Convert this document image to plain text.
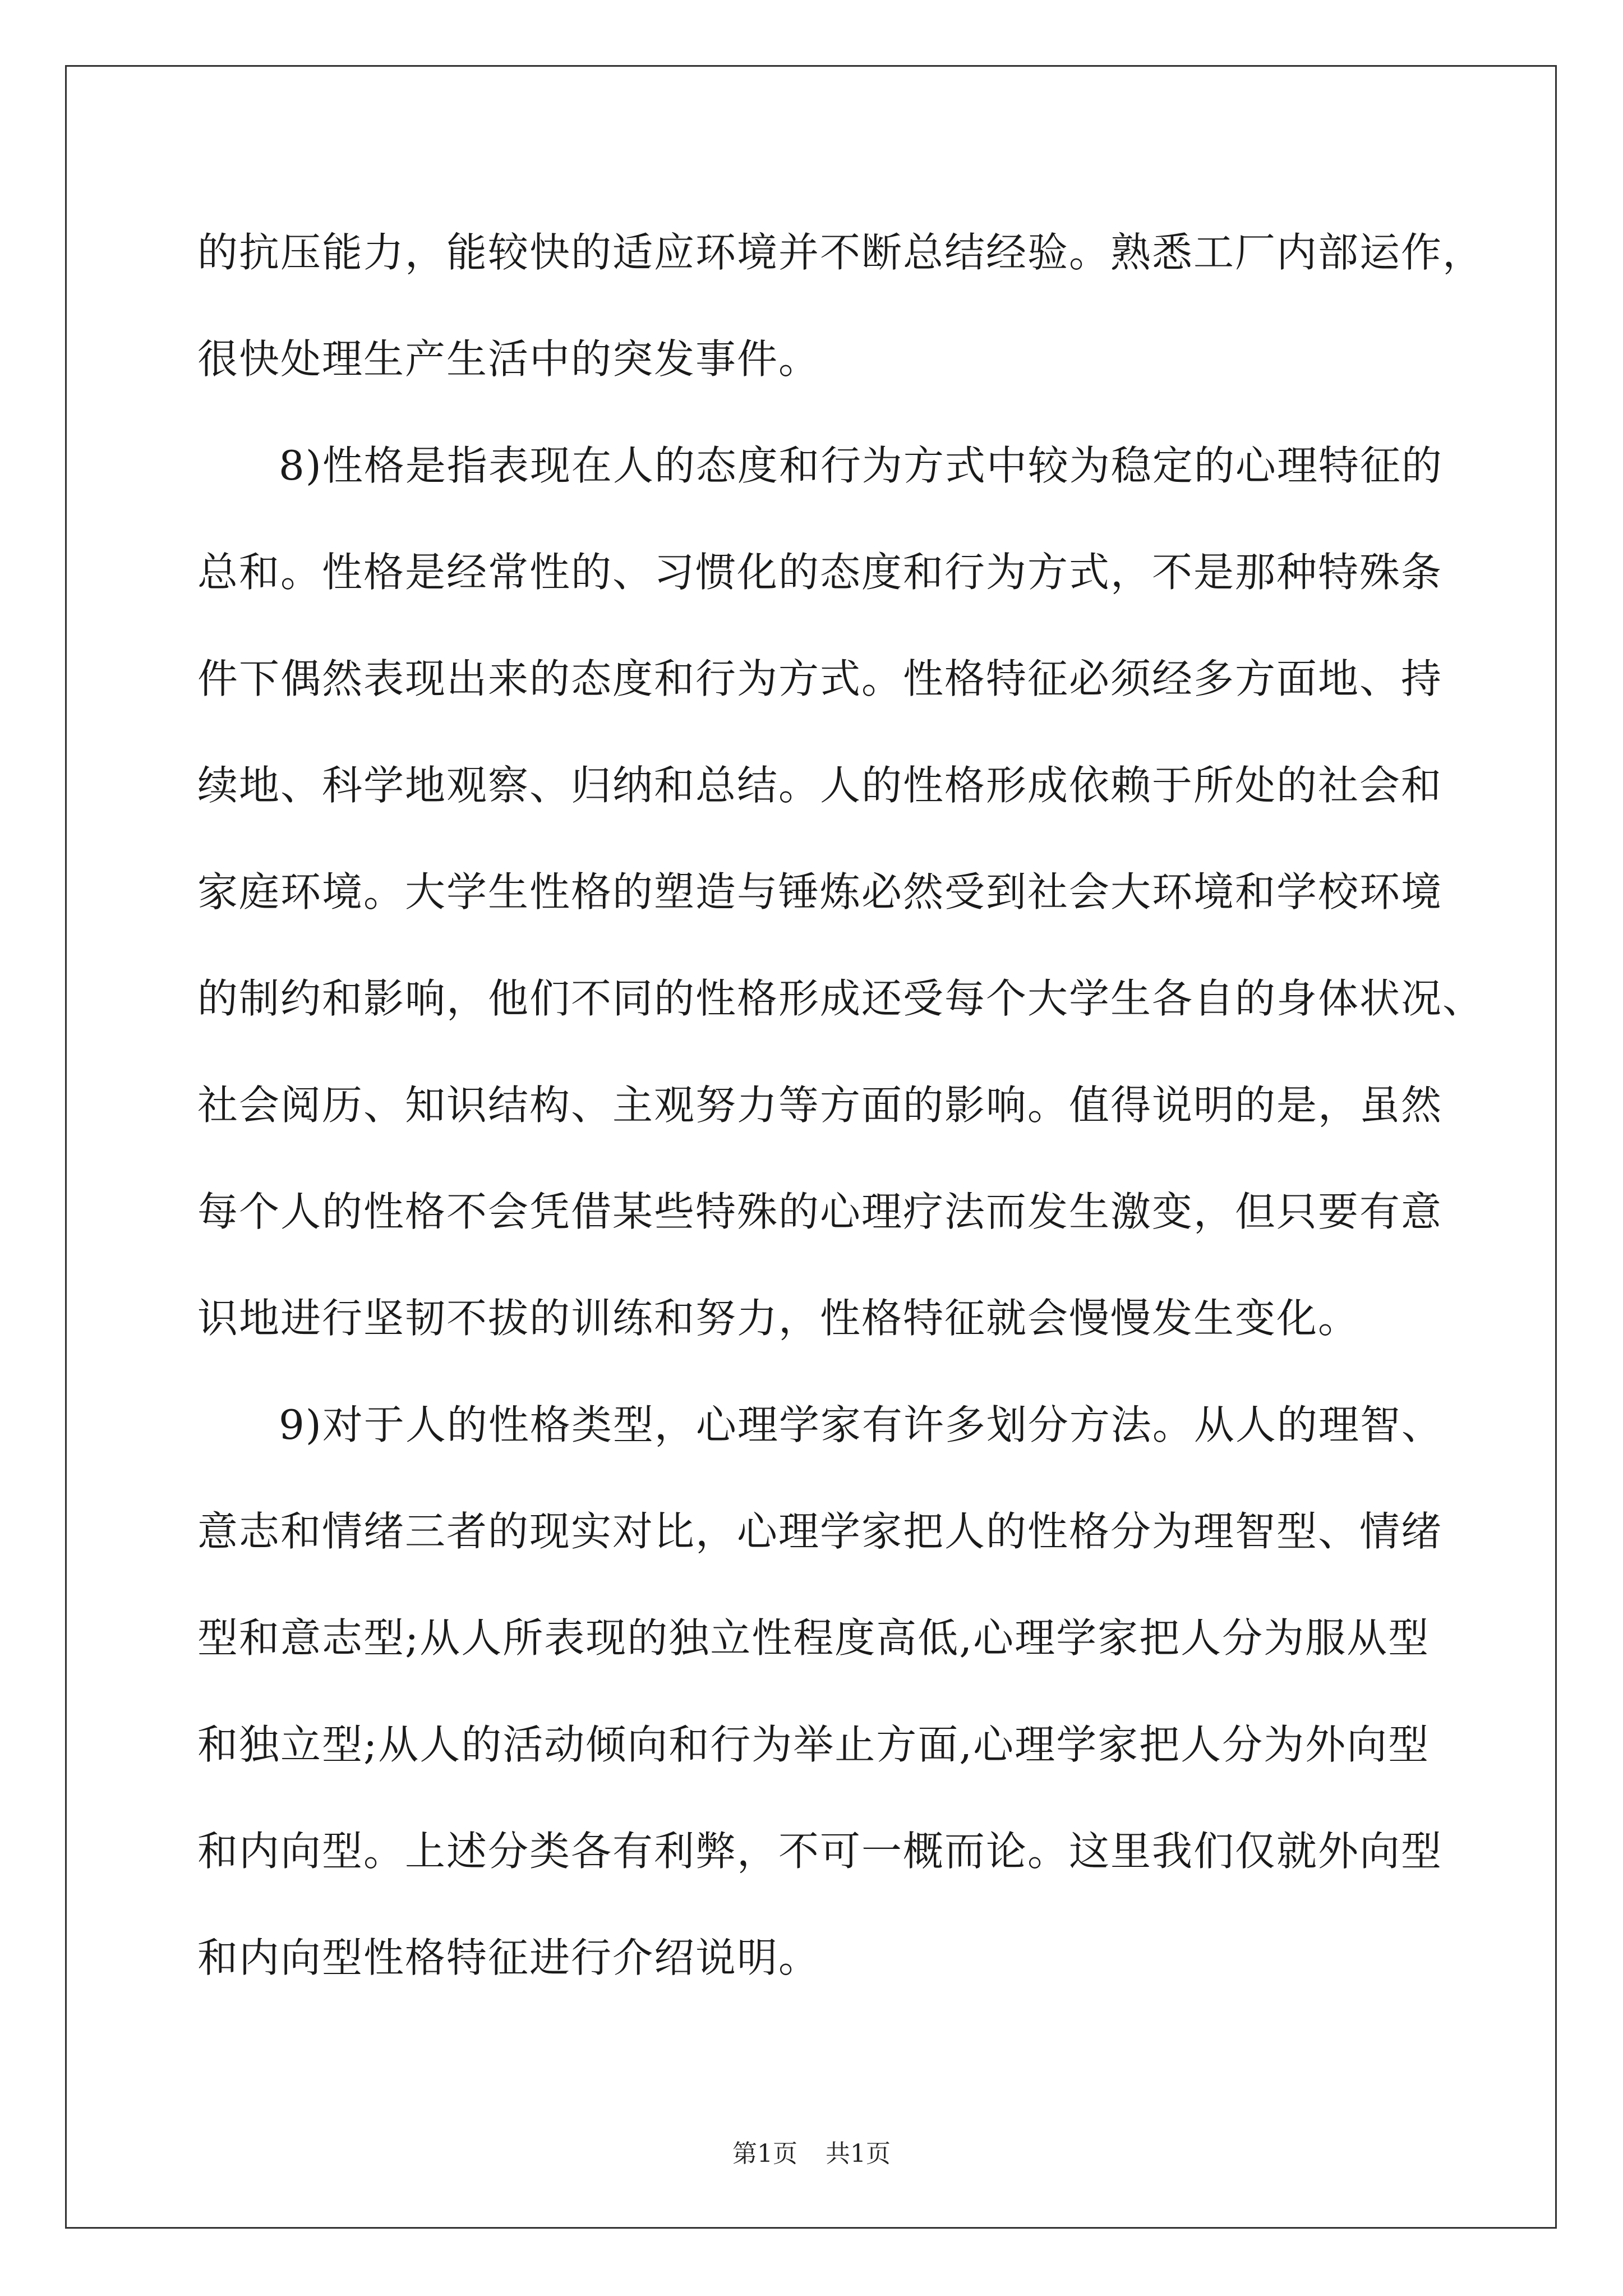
的抗压能力，能较快的适应环境并不断总结经验。熟悉工厂内部运作，
很快处理生产生活中的突发事件。
8)性格是指表现在人的态度和行为方式中较为稳定的心理特征的
总和。性格是经常性的、习惯化的态度和行为方式，不是那种特殊条
件下偶然表现出来的态度和行为方式。性格特征必须经多方面地、持
续地、科学地观察、归纳和总结。人的性格形成依赖于所处的社会和
家庭环境。大学生性格的塑造与锤炼必然受到社会大环境和学校环境
的制约和影响，他们不同的性格形成还受每个大学生各自的身体状况、
社会阅历、知识结构、主观努力等方面的影响。值得说明的是，虽然
每个人的性格不会凭借某些特殊的心理疗法而发生激变，但只要有意
识地进行坚韧不拔的训练和努力，性格特征就会慢慢发生变化。
9)对于人的性格类型，心理学家有许多划分方法。从人的理智、
意志和情绪三者的现实对比，心理学家把人的性格分为理智型、情绪
型和意志型;从人所表现的独立性程度高低,心理学家把人分为服从型
和独立型;从人的活动倾向和行为举止方面,心理学家把人分为外向型
和内向型。上述分类各有利弊，不可一概而论。这里我们仅就外向型
和内向型性格特征进行介绍说明。
第1页 共1页
